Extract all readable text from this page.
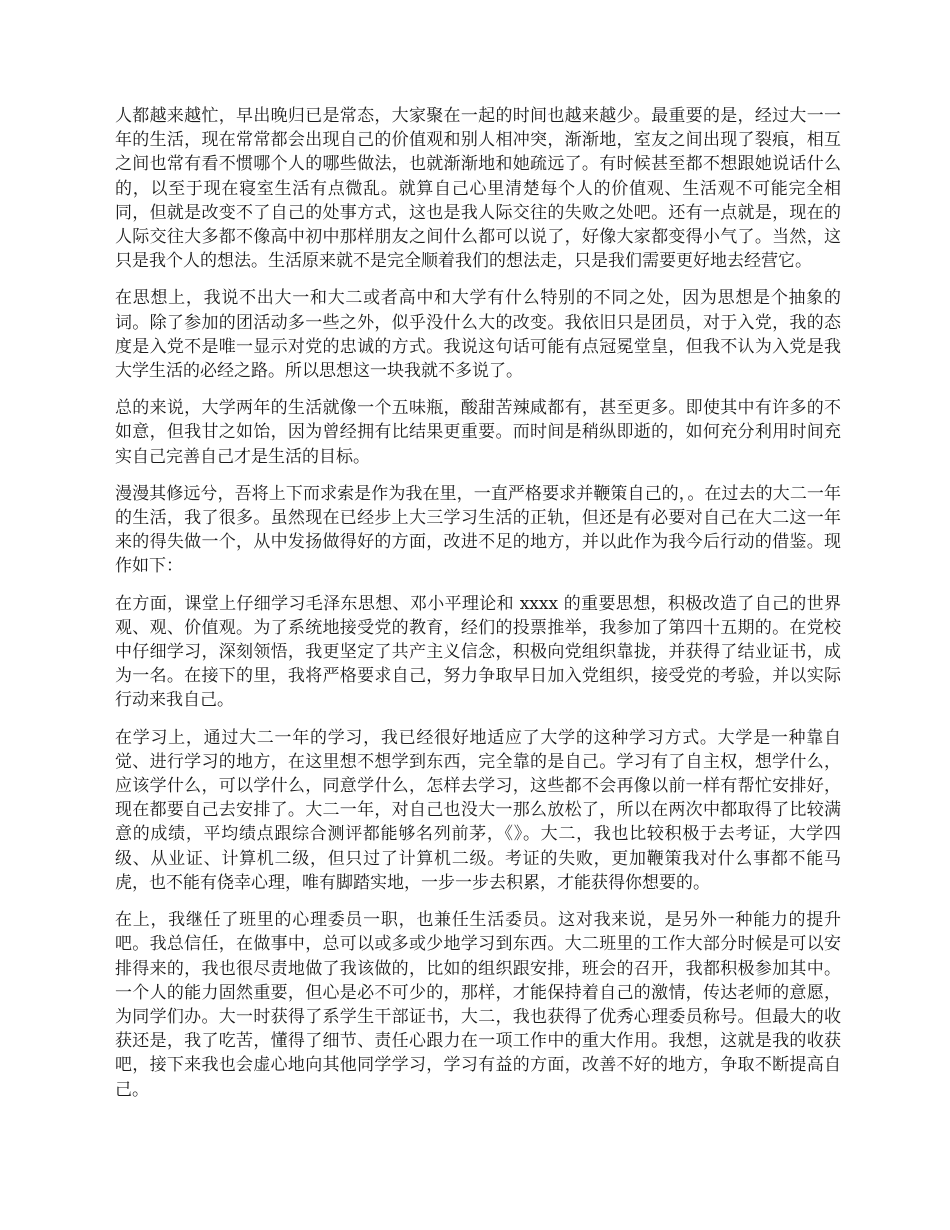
人都越来越忙，早出晚归已是常态，大家聚在一起的时间也越来越少。最重要的是，经过大一一年的生活，现在常常都会出现自己的价值观和别人相冲突，渐渐地，室友之间出现了裂痕，相互之间也常有看不惯哪个人的哪些做法，也就渐渐地和她疏远了。有时候甚至都不想跟她说话什么的，以至于现在寝室生活有点微乱。就算自己心里清楚每个人的价值观、生活观不可能完全相同，但就是改变不了自己的处事方式，这也是我人际交往的失败之处吧。还有一点就是，现在的人际交往大多都不像高中初中那样朋友之间什么都可以说了，好像大家都变得小气了。当然，这只是我个人的想法。生活原来就不是完全顺着我们的想法走，只是我们需要更好地去经营它。

在思想上，我说不出大一和大二或者高中和大学有什么特别的不同之处，因为思想是个抽象的词。除了参加的团活动多一些之外，似乎没什么大的改变。我依旧只是团员，对于入党，我的态度是入党不是唯一显示对党的忠诚的方式。我说这句话可能有点冠冕堂皇，但我不认为入党是我大学生活的必经之路。所以思想这一块我就不多说了。

总的来说，大学两年的生活就像一个五味瓶，酸甜苦辣咸都有，甚至更多。即使其中有许多的不如意，但我甘之如饴，因为曾经拥有比结果更重要。而时间是稍纵即逝的，如何充分利用时间充实自己完善自己才是生活的目标。

漫漫其修远兮，吾将上下而求索是作为我在里，一直严格要求并鞭策自己的，。在过去的大二一年的生活，我了很多。虽然现在已经步上大三学习生活的正轨，但还是有必要对自己在大二这一年来的得失做一个，从中发扬做得好的方面，改进不足的地方，并以此作为我今后行动的借鉴。现作如下：

在方面，课堂上仔细学习毛泽东思想、邓小平理论和 xxxx 的重要思想，积极改造了自己的世界观、观、价值观。为了系统地接受党的教育，经们的投票推举，我参加了第四十五期的。在党校中仔细学习，深刻领悟，我更坚定了共产主义信念，积极向党组织靠拢，并获得了结业证书，成为一名。在接下的里，我将严格要求自己，努力争取早日加入党组织，接受党的考验，并以实际行动来我自己。

在学习上，通过大二一年的学习，我已经很好地适应了大学的这种学习方式。大学是一种靠自觉、进行学习的地方，在这里想不想学到东西，完全靠的是自己。学习有了自主权，想学什么，应该学什么，可以学什么，同意学什么，怎样去学习，这些都不会再像以前一样有帮忙安排好，现在都要自己去安排了。大二一年，对自己也没大一那么放松了，所以在两次中都取得了比较满意的成绩，平均绩点跟综合测评都能够名列前茅，《》。大二，我也比较积极于去考证，大学四级、从业证、计算机二级，但只过了计算机二级。考证的失败，更加鞭策我对什么事都不能马虎，也不能有侥幸心理，唯有脚踏实地，一步一步去积累，才能获得你想要的。

在上，我继任了班里的心理委员一职，也兼任生活委员。这对我来说，是另外一种能力的提升吧。我总信任，在做事中，总可以或多或少地学习到东西。大二班里的工作大部分时候是可以安排得来的，我也很尽责地做了我该做的，比如的组织跟安排，班会的召开，我都积极参加其中。一个人的能力固然重要，但心是必不可少的，那样，才能保持着自己的激情，传达老师的意愿，为同学们办。大一时获得了系学生干部证书，大二，我也获得了优秀心理委员称号。但最大的收获还是，我了吃苦，懂得了细节、责任心跟力在一项工作中的重大作用。我想，这就是我的收获吧，接下来我也会虚心地向其他同学学习，学习有益的方面，改善不好的地方，争取不断提高自己。
